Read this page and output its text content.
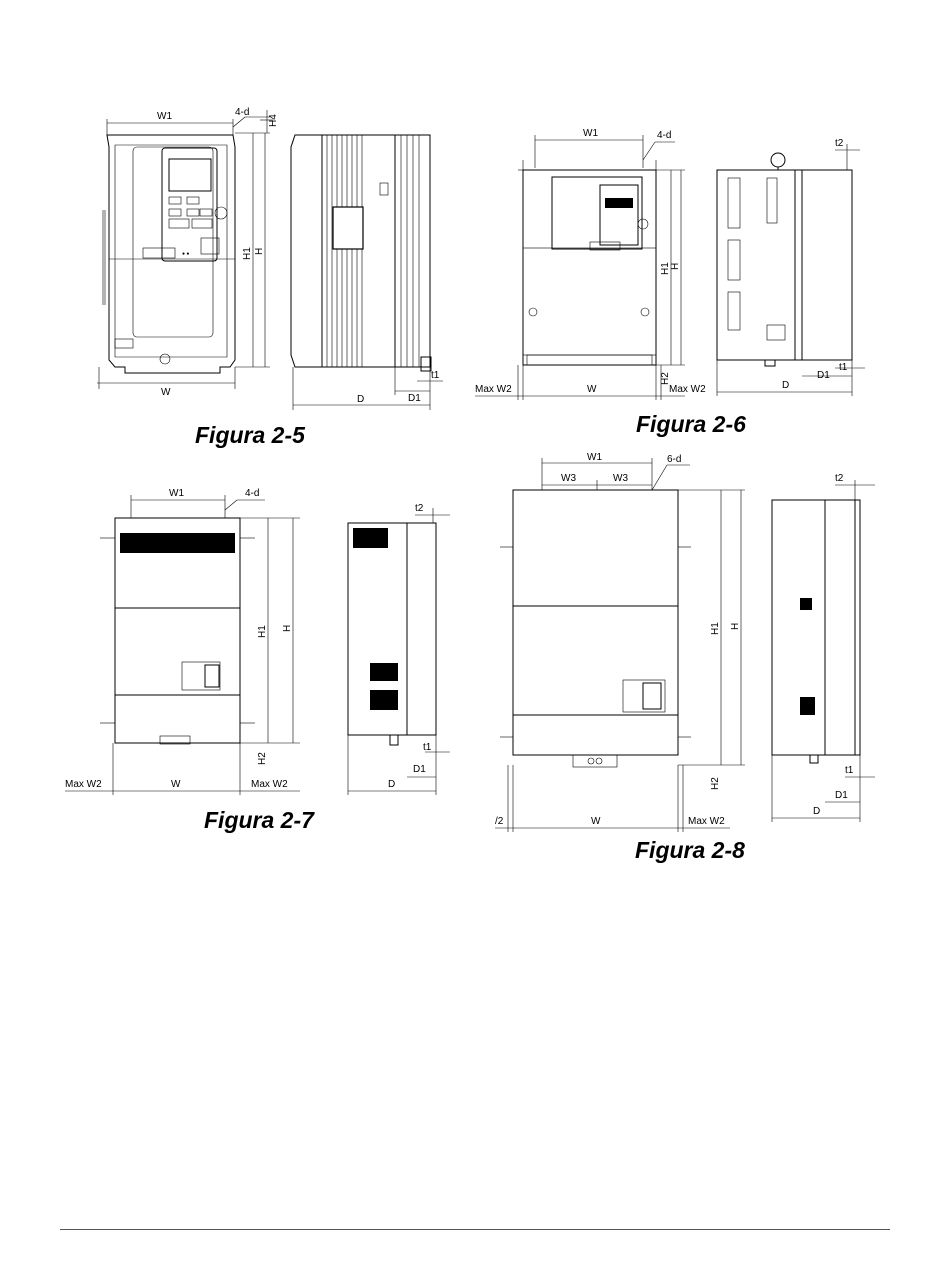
● ●
W1	4-d
H4
H1 H
W
D	D1
t1

Figura 2-5

W1	4-d
H1 H
H2
W
Max W2	Max W2	D
D1
t1
t2

Figura 2-6

W1	4-d
H1 H
H2
W
Max W2	Max W2	D
D1
t1
t2

Figura 2-7

W1
W3	W3
6-d
H1 H
H2
W
/2	Max W2
D
D1
t1
t2

Figura 2-8
